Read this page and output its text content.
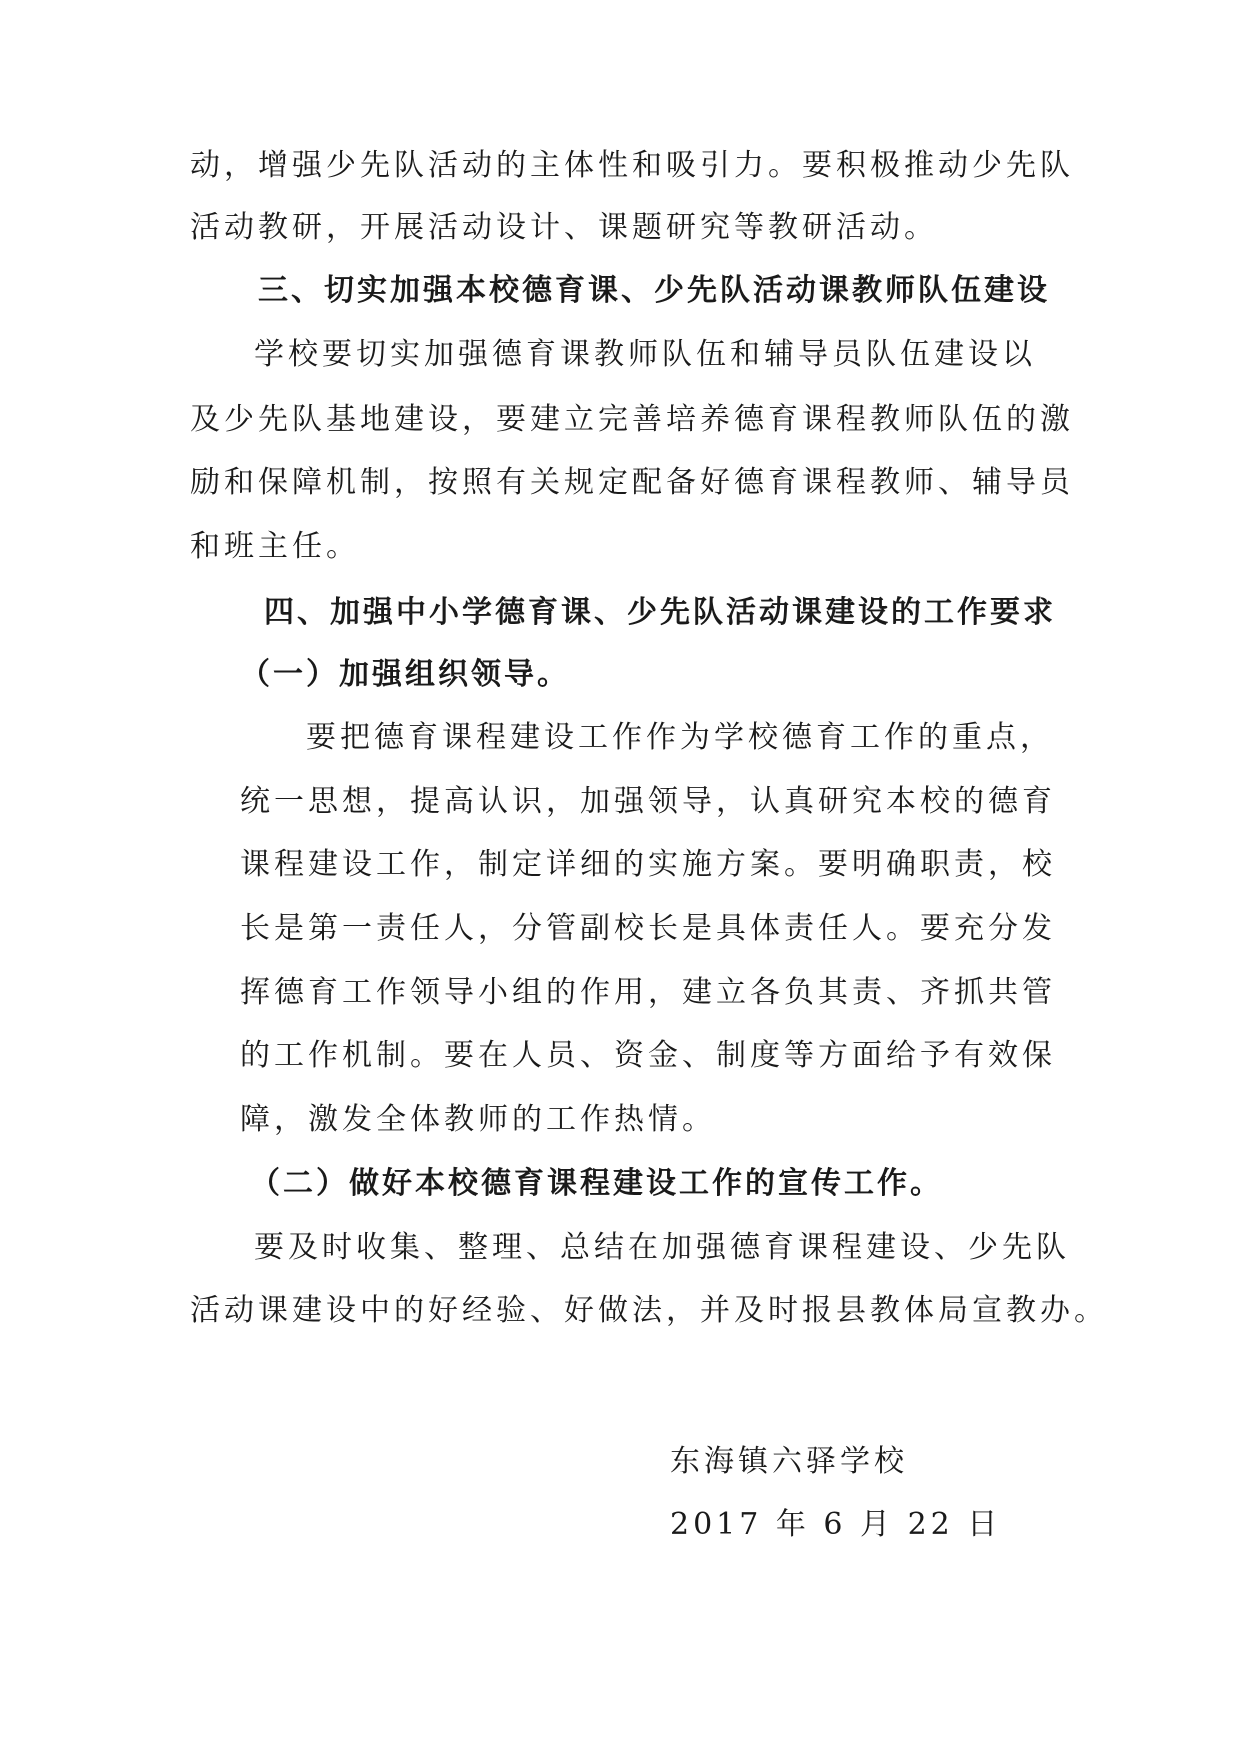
动，增强少先队活动的主体性和吸引力。要积极推动少先队
活动教研，开展活动设计、课题研究等教研活动。
三、切实加强本校德育课、少先队活动课教师队伍建设
学校要切实加强德育课教师队伍和辅导员队伍建设以
及少先队基地建设，要建立完善培养德育课程教师队伍的激
励和保障机制，按照有关规定配备好德育课程教师、辅导员
和班主任。
四、加强中小学德育课、少先队活动课建设的工作要求
（一）加强组织领导。
要把德育课程建设工作作为学校德育工作的重点，
统一思想，提高认识，加强领导，认真研究本校的德育
课程建设工作，制定详细的实施方案。要明确职责，校
长是第一责任人，分管副校长是具体责任人。要充分发
挥德育工作领导小组的作用，建立各负其责、齐抓共管
的工作机制。要在人员、资金、制度等方面给予有效保
障，激发全体教师的工作热情。
（二）做好本校德育课程建设工作的宣传工作。
要及时收集、整理、总结在加强德育课程建设、少先队
活动课建设中的好经验、好做法，并及时报县教体局宣教办。
东海镇六驿学校
2017 年 6 月 22 日
